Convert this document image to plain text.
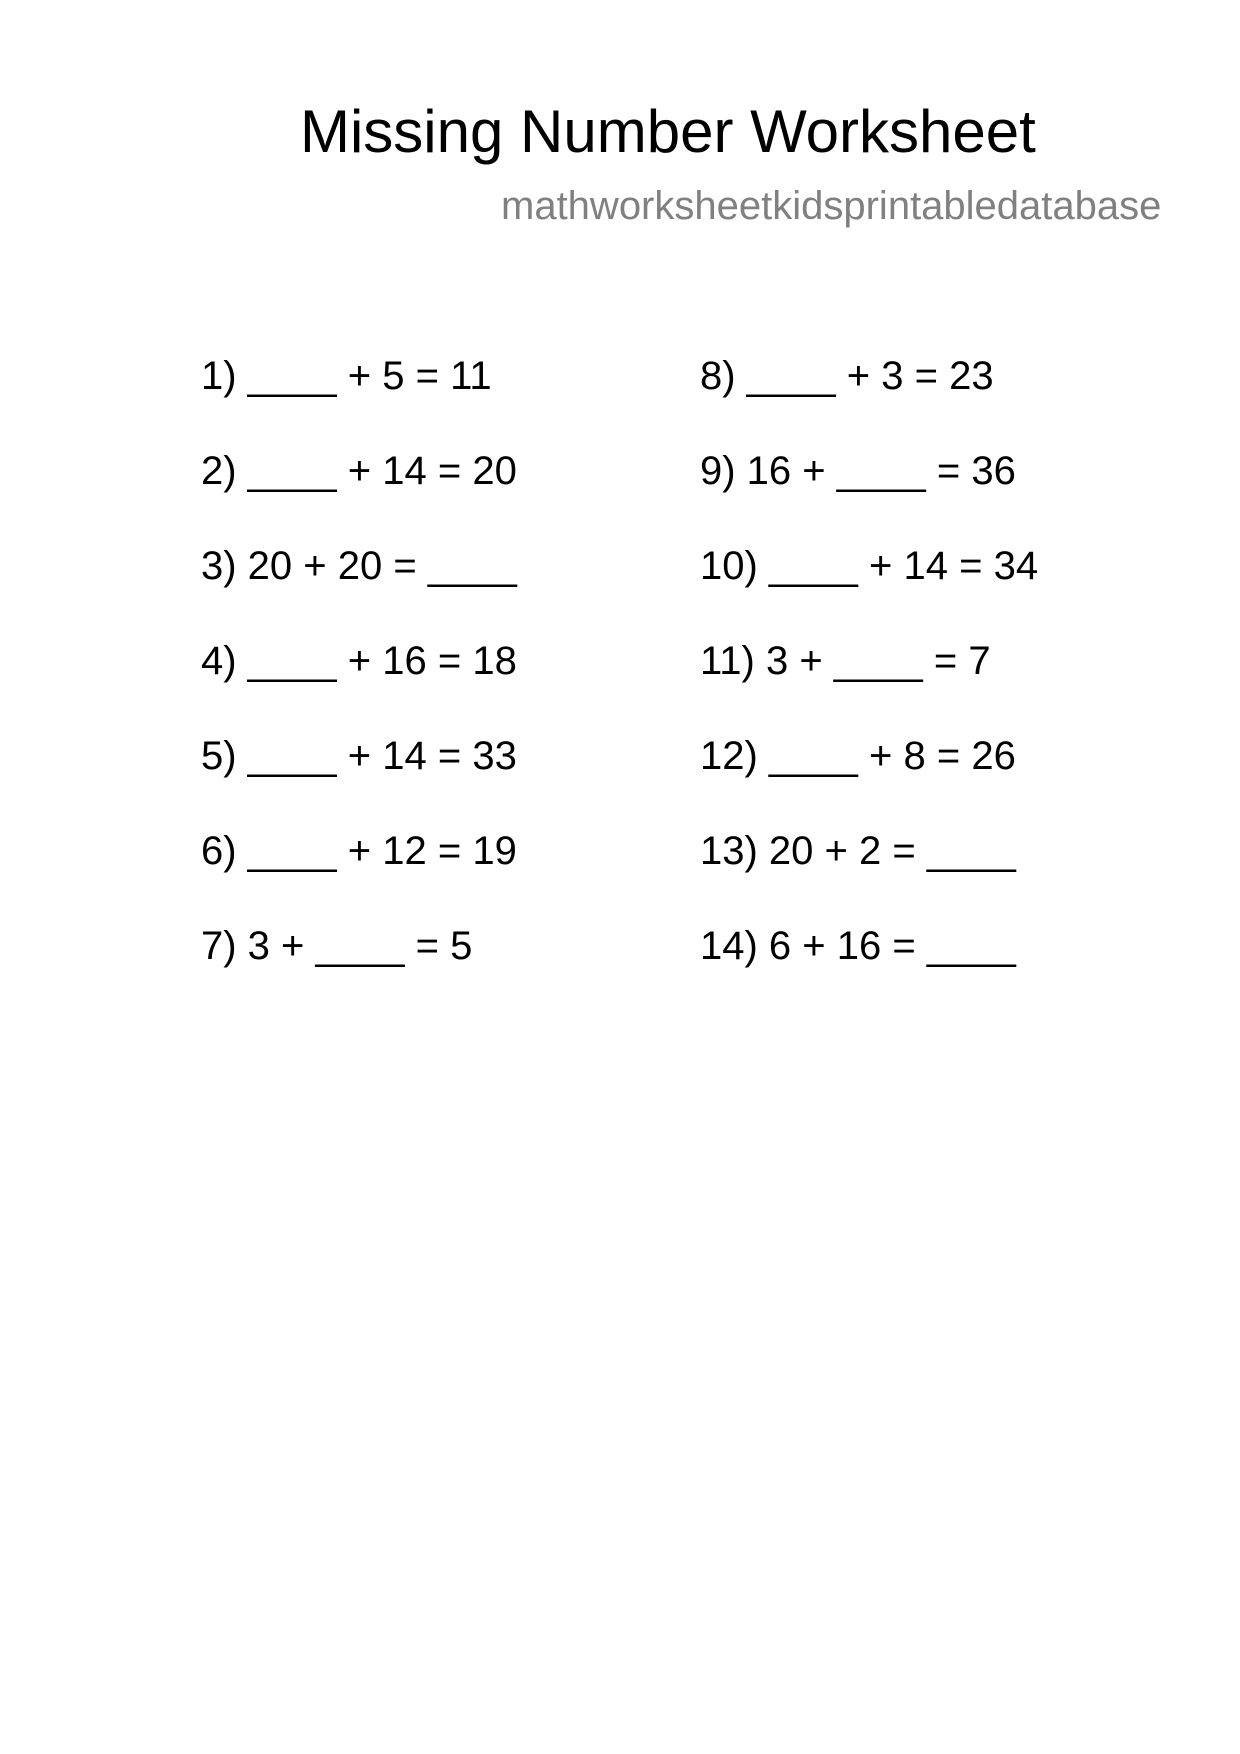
Missing Number Worksheet
mathworksheetkidsprintabledatabase
1) ____ + 5 = 11
2) ____ + 14 = 20
3) 20 + 20 = ____
4) ____ + 16 = 18
5) ____ + 14 = 33
6) ____ + 12 = 19
7) 3 + ____ = 5
8) ____ + 3 = 23
9) 16 + ____ = 36
10) ____ + 14 = 34
11) 3 + ____ = 7
12) ____ + 8 = 26
13) 20 + 2 = ____
14) 6 + 16 = ____
